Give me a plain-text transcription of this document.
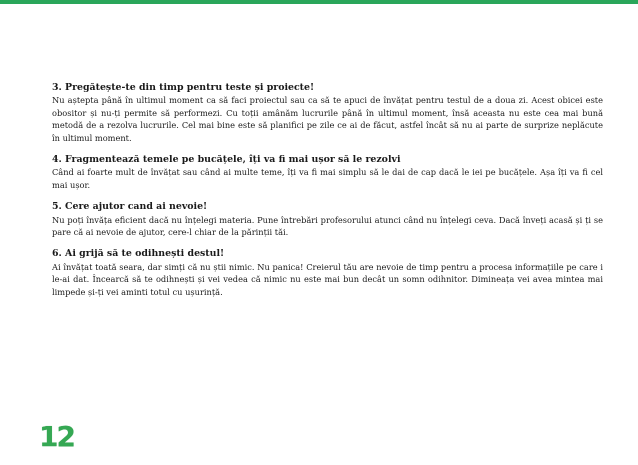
3. Pregătește-te din timp pentru teste și proiecte!

Nu aștepta până în ultimul moment ca să faci proiectul sau ca să te apuci de învățat pentru testul de a doua zi. Acest obicei este obositor și nu-ți permite să performezi. Cu toții amânăm lucrurile până în ultimul moment, însă aceasta nu este cea mai bună metodă de a rezolva lucrurile. Cel mai bine este să planifici pe zile ce ai de făcut, astfel încât să nu ai parte de surprize neplăcute în ultimul moment.

4. Fragmentează temele pe bucățele, îți va fi mai ușor să le rezolvi

Când ai foarte mult de învățat sau când ai multe teme, îți va fi mai simplu să le dai de cap dacă le iei pe bucățele. Așa îți va fi cel mai ușor.

5. Cere ajutor cand ai nevoie!

Nu poți învăța eficient dacă nu înțelegi materia. Pune întrebări profesorului atunci când nu înțelegi ceva. Dacă înveți acasă și ți se pare că ai nevoie de ajutor, cere-l chiar de la părinții tăi.

6. Ai grijă să te odihnești destul!

Ai învățat toată seara, dar simți că nu știi nimic. Nu panica! Creierul tău are nevoie de timp pentru a procesa informațiile pe care i le-ai dat. Încearcă să te odihnești și vei vedea că nimic nu este mai bun decât un somn odihnitor. Dimineața vei avea mintea mai limpede și-ți vei aminti totul cu ușurință.

12
